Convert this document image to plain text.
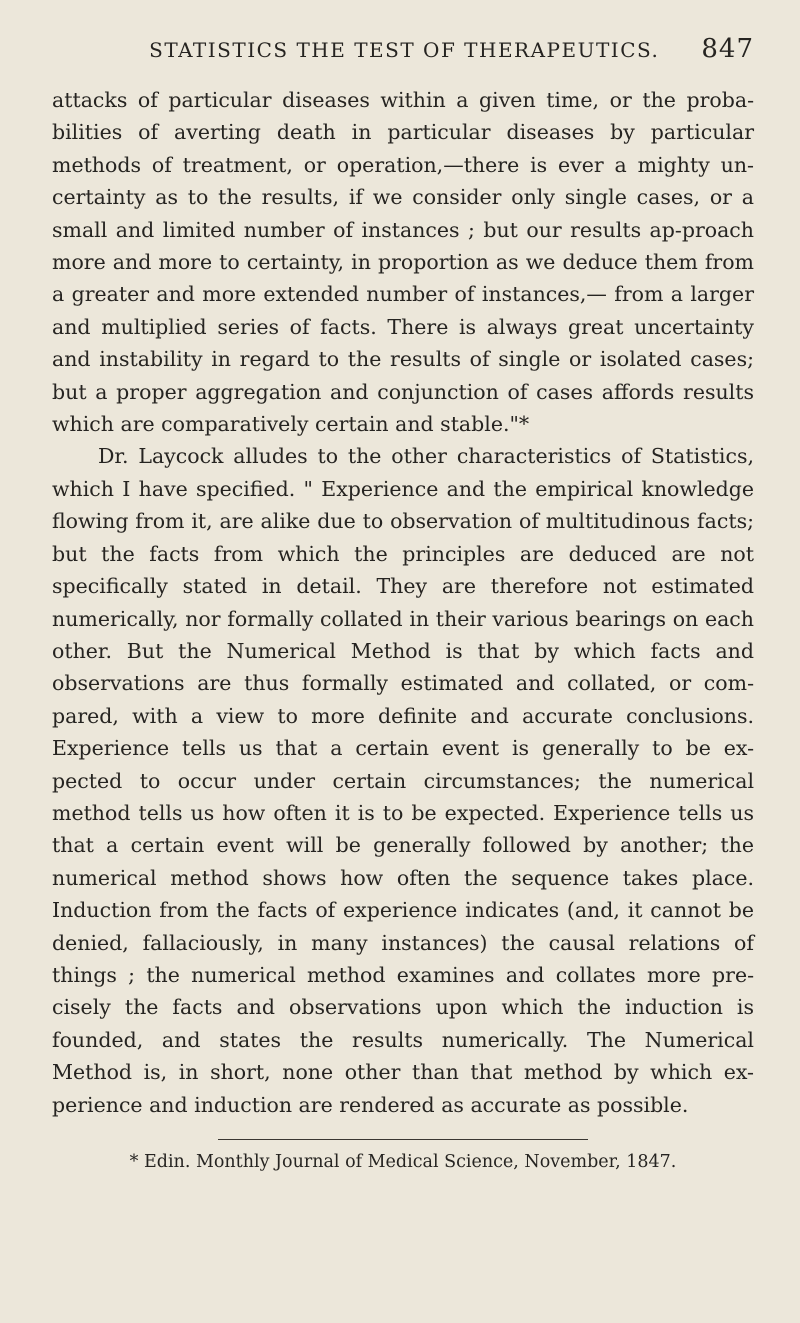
STATISTICS THE TEST OF THERAPEUTICS. 847

attacks of particular diseases within a given time, or the proba-bilities of averting death in particular diseases by particular methods of treatment, or operation,—there is ever a mighty un-certainty as to the results, if we consider only single cases, or a small and limited number of instances ; but our results ap-proach more and more to certainty, in proportion as we deduce them from a greater and more extended number of instances,— from a larger and multiplied series of facts. There is always great uncertainty and instability in regard to the results of single or isolated cases; but a proper aggregation and conjunction of cases affords results which are comparatively certain and stable."*

Dr. Laycock alludes to the other characteristics of Statistics, which I have specified. " Experience and the empirical knowledge flowing from it, are alike due to observation of multitudinous facts; but the facts from which the principles are deduced are not specifically stated in detail. They are therefore not estimated numerically, nor formally collated in their various bearings on each other. But the Numerical Method is that by which facts and observations are thus formally estimated and collated, or com-pared, with a view to more definite and accurate conclusions. Experience tells us that a certain event is generally to be ex-pected to occur under certain circumstances; the numerical method tells us how often it is to be expected. Experience tells us that a certain event will be generally followed by another; the numerical method shows how often the sequence takes place. Induction from the facts of experience indicates (and, it cannot be denied, fallaciously, in many instances) the causal relations of things ; the numerical method examines and collates more pre-cisely the facts and observations upon which the induction is founded, and states the results numerically. The Numerical Method is, in short, none other than that method by which ex-perience and induction are rendered as accurate as possible.

* Edin. Monthly Journal of Medical Science, November, 1847.
